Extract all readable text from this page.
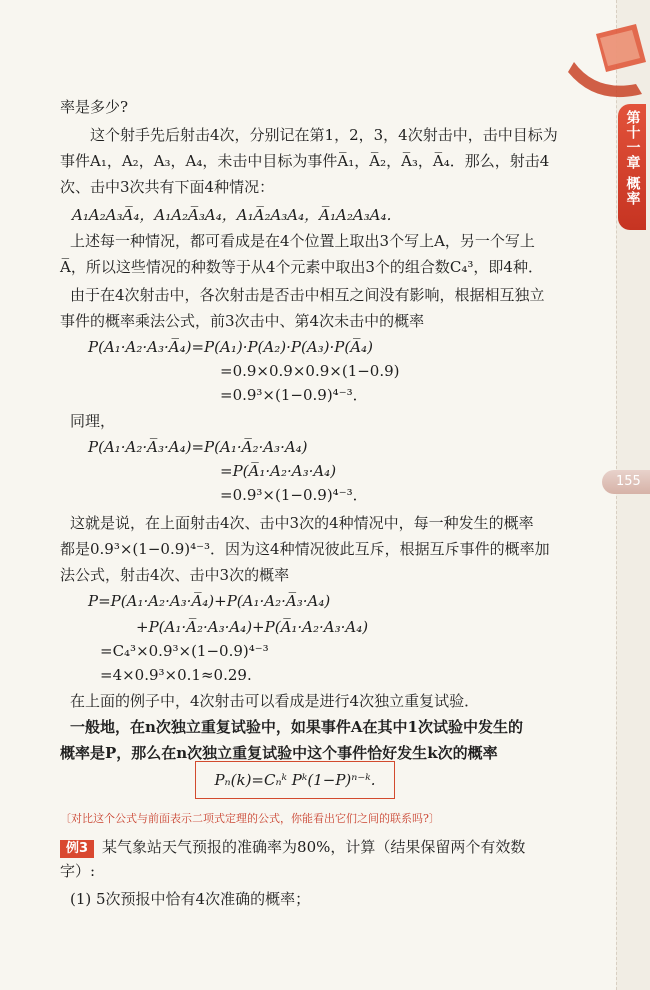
第十一章
概率
155
率是多少?
这个射手先后射击4次，分别记在第1，2，3，4次射击中，击中目标为
事件A₁，A₂，A₃，A₄，未击中目标为事件A̅₁，A̅₂，A̅₃，A̅₄．那么，射击4
次、击中3次共有下面4种情况：
A₁A₂A₃A̅₄，A₁A₂A̅₃A₄，A₁A̅₂A₃A₄，A̅₁A₂A₃A₄．
上述每一种情况，都可看成是在4个位置上取出3个写上A，另一个写上
A̅，所以这些情况的种数等于从4个元素中取出3个的组合数C₄³，即4种．
由于在4次射击中，各次射击是否击中相互之间没有影响，根据相互独立
事件的概率乘法公式，前3次击中、第4次未击中的概率
P(A₁·A₂·A₃·A̅₄)=P(A₁)·P(A₂)·P(A₃)·P(A̅₄)
=0.9×0.9×0.9×(1−0.9)
=0.9³×(1−0.9)⁴⁻³．
同理，
P(A₁·A₂·A̅₃·A₄)=P(A₁·A̅₂·A₃·A₄)
=P(A̅₁·A₂·A₃·A₄)
=0.9³×(1−0.9)⁴⁻³．
这就是说，在上面射击4次、击中3次的4种情况中，每一种发生的概率
都是0.9³×(1−0.9)⁴⁻³．因为这4种情况彼此互斥，根据互斥事件的概率加
法公式，射击4次、击中3次的概率
P=P(A₁·A₂·A₃·A̅₄)+P(A₁·A₂·A̅₃·A₄)
+P(A₁·A̅₂·A₃·A₄)+P(A̅₁·A₂·A₃·A₄)
=C₄³×0.9³×(1−0.9)⁴⁻³
=4×0.9³×0.1≈0.29.
在上面的例子中，4次射击可以看成是进行4次独立重复试验．
一般地，在n次独立重复试验中，如果事件A在其中1次试验中发生的
概率是P，那么在n次独立重复试验中这个事件恰好发生k次的概率
Pₙ(k)=Cₙᵏ Pᵏ(1−P)ⁿ⁻ᵏ.
〔对比这个公式与前面表示二项式定理的公式，你能看出它们之间的联系吗?〕
例3 某气象站天气预报的准确率为80%，计算（结果保留两个有效数
字）:
(1) 5次预报中恰有4次准确的概率；
